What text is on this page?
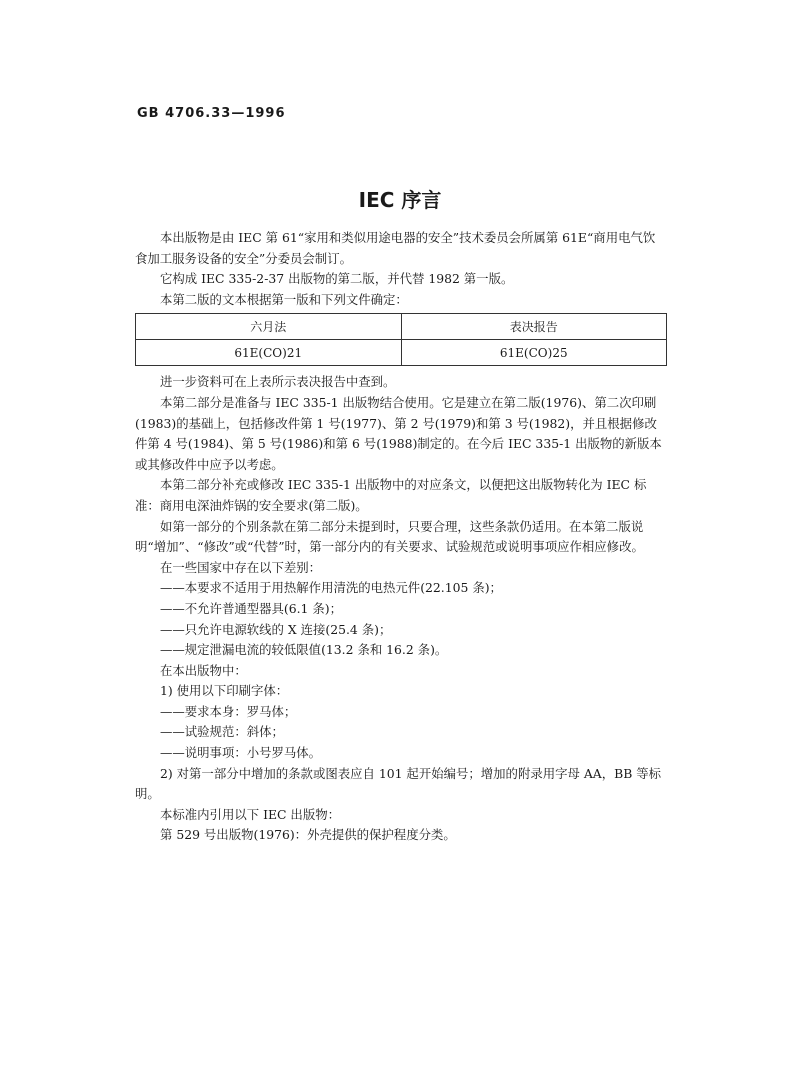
GB 4706.33—1996
IEC 序言

本出版物是由 IEC 第 61“家用和类似用途电器的安全”技术委员会所属第 61E“商用电气饮食加工服务设备的安全”分委员会制订。

它构成 IEC 335-2-37 出版物的第二版，并代替 1982 第一版。

本第二版的文本根据第一版和下列文件确定：

六月法	表决报告
61E(CO)21	61E(CO)25

进一步资料可在上表所示表决报告中查到。

本第二部分是准备与 IEC 335-1 出版物结合使用。它是建立在第二版(1976)、第二次印刷(1983)的基础上，包括修改件第 1 号(1977)、第 2 号(1979)和第 3 号(1982)，并且根据修改件第 4 号(1984)、第 5 号(1986)和第 6 号(1988)制定的。在今后 IEC 335-1 出版物的新版本或其修改件中应予以考虑。

本第二部分补充或修改 IEC 335-1 出版物中的对应条文，以便把这出版物转化为 IEC 标准：商用电深油炸锅的安全要求(第二版)。

如第一部分的个别条款在第二部分未提到时，只要合理，这些条款仍适用。在本第二版说明“增加”、“修改”或“代替”时，第一部分内的有关要求、试验规范或说明事项应作相应修改。

在一些国家中存在以下差别：

——本要求不适用于用热解作用清洗的电热元件(22.105 条)；

——不允许普通型器具(6.1 条)；

——只允许电源软线的 X 连接(25.4 条)；

——规定泄漏电流的较低限值(13.2 条和 16.2 条)。

在本出版物中：

1) 使用以下印刷字体：

——要求本身：罗马体；

——试验规范：斜体；

——说明事项：小号罗马体。

2) 对第一部分中增加的条款或图表应自 101 起开始编号；增加的附录用字母 AA，BB 等标明。

本标准内引用以下 IEC 出版物：

第 529 号出版物(1976)：外壳提供的保护程度分类。
